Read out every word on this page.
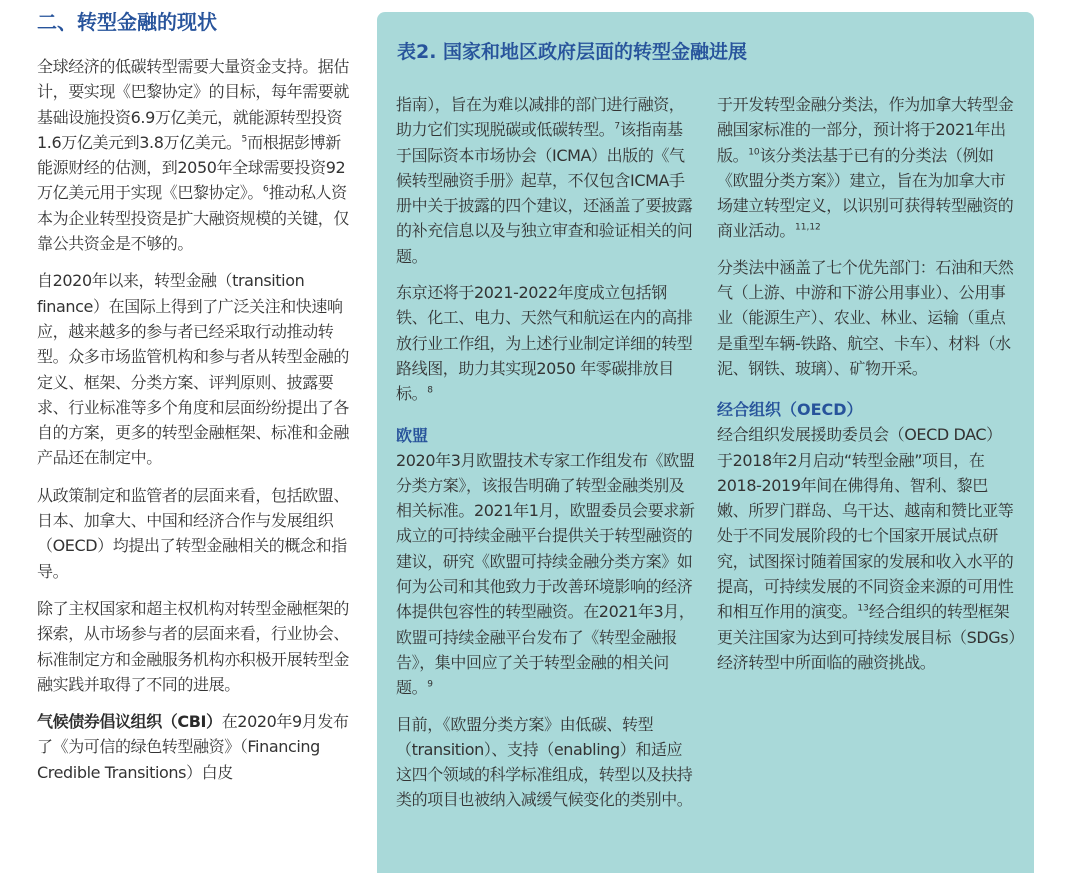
二、转型金融的现状

全球经济的低碳转型需要大量资金支持。据估计，要实现《巴黎协定》的目标，每年需要就基础设施投资6.9万亿美元，就能源转型投资1.6万亿美元到3.8万亿美元。$^5$而根据彭博新能源财经的估测，到2050年全球需要投资92万亿美元用于实现《巴黎协定》。$^6$推动私人资本为企业转型投资是扩大融资规模的关键，仅靠公共资金是不够的。

自2020年以来，转型金融（transition finance）在国际上得到了广泛关注和快速响应，越来越多的参与者已经采取行动推动转型。众多市场监管机构和参与者从转型金融的定义、框架、分类方案、评判原则、披露要求、行业标准等多个角度和层面纷纷提出了各自的方案，更多的转型金融框架、标准和金融产品还在制定中。

从政策制定和监管者的层面来看，包括欧盟、日本、加拿大、中国和经济合作与发展组织（OECD）均提出了转型金融相关的概念和指导。

除了主权国家和超主权机构对转型金融框架的探索，从市场参与者的层面来看，行业协会、标准制定方和金融服务机构亦积极开展转型金融实践并取得了不同的进展。

气候债券倡议组织（CBI）在2020年9月发布了《为可信的绿色转型融资》（Financing Credible Transitions）白皮

表2. 国家和地区政府层面的转型金融进展

指南），旨在为难以减排的部门进行融资，助力它们实现脱碳或低碳转型。$^7$该指南基于国际资本市场协会（ICMA）出版的《气候转型融资手册》起草，不仅包含ICMA手册中关于披露的四个建议，还涵盖了要披露的补充信息以及与独立审查和验证相关的问题。

东京还将于2021-2022年度成立包括钢铁、化工、电力、天然气和航运在内的高排放行业工作组，为上述行业制定详细的转型路线图，助力其实现2050 年零碳排放目标。$^8$

欧盟

2020年3月欧盟技术专家工作组发布《欧盟分类方案》，该报告明确了转型金融类别及相关标准。2021年1月，欧盟委员会要求新成立的可持续金融平台提供关于转型融资的建议，研究《欧盟可持续金融分类方案》如何为公司和其他致力于改善环境影响的经济体提供包容性的转型融资。在2021年3月，欧盟可持续金融平台发布了《转型金融报告》，集中回应了关于转型金融的相关问题。$^9$

目前，《欧盟分类方案》由低碳、转型（transition）、支持（enabling）和适应这四个领域的科学标准组成，转型以及扶持类的项目也被纳入减缓气候变化的类别中。

于开发转型金融分类法，作为加拿大转型金融国家标准的一部分，预计将于2021年出版。$^{10}$该分类法基于已有的分类法（例如《欧盟分类方案》）建立，旨在为加拿大市场建立转型定义，以识别可获得转型融资的商业活动。$^{11,12}$

分类法中涵盖了七个优先部门：石油和天然气（上游、中游和下游公用事业）、公用事业（能源生产）、农业、林业、运输（重点是重型车辆-铁路、航空、卡车）、材料（水泥、钢铁、玻璃）、矿物开采。

经合组织（OECD）

经合组织发展援助委员会（OECD DAC）于2018年2月启动“转型金融”项目，在2018-2019年间在佛得角、智利、黎巴嫩、所罗门群岛、乌干达、越南和赞比亚等处于不同发展阶段的七个国家开展试点研究，试图探讨随着国家的发展和收入水平的提高，可持续发展的不同资金来源的可用性和相互作用的演变。$^{13}$经合组织的转型框架更关注国家为达到可持续发展目标（SDGs）经济转型中所面临的融资挑战。
